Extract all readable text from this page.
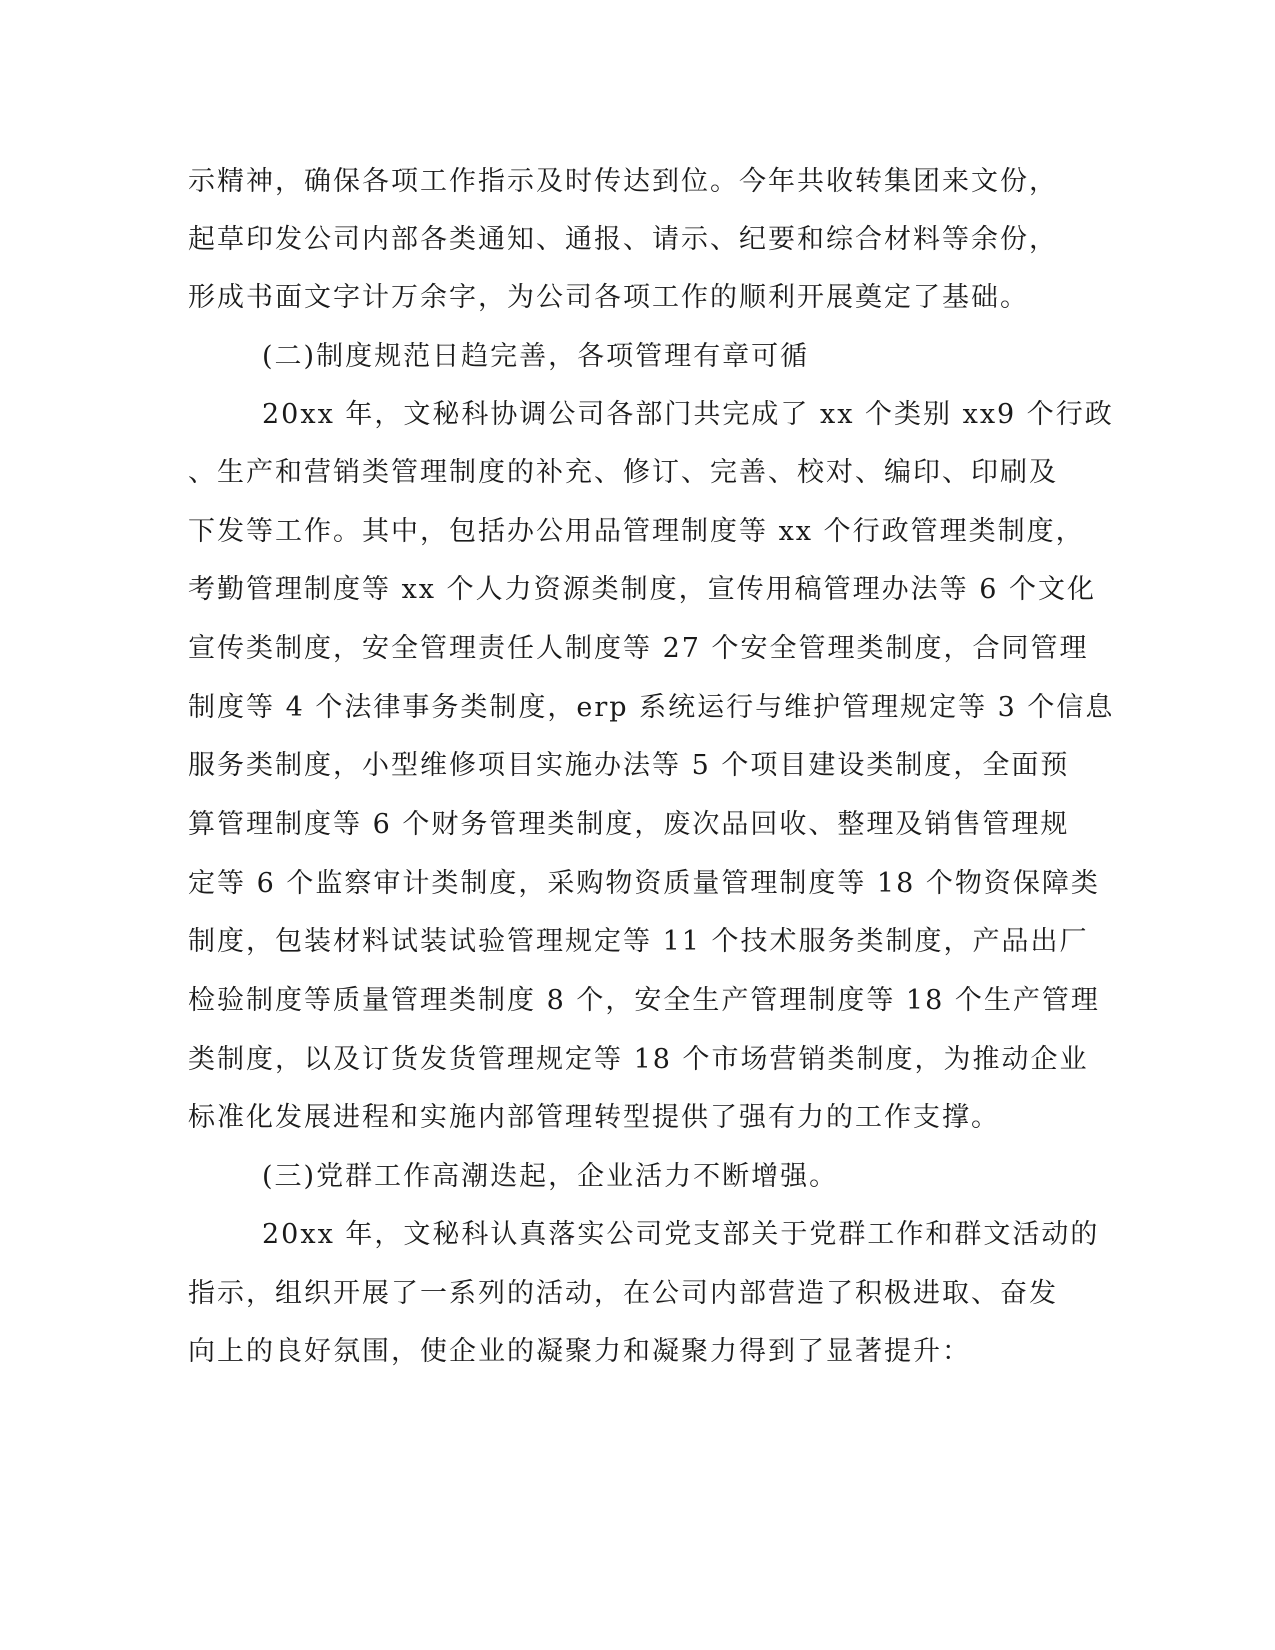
示精神，确保各项工作指示及时传达到位。今年共收转集团来文份，
起草印发公司内部各类通知、通报、请示、纪要和综合材料等余份，
形成书面文字计万余字，为公司各项工作的顺利开展奠定了基础。
(二)制度规范日趋完善，各项管理有章可循
20xx 年，文秘科协调公司各部门共完成了 xx 个类别 xx9 个行政
、生产和营销类管理制度的补充、修订、完善、校对、编印、印刷及
下发等工作。其中，包括办公用品管理制度等 xx 个行政管理类制度，
考勤管理制度等 xx 个人力资源类制度，宣传用稿管理办法等 6 个文化
宣传类制度，安全管理责任人制度等 27 个安全管理类制度，合同管理
制度等 4 个法律事务类制度，erp 系统运行与维护管理规定等 3 个信息
服务类制度，小型维修项目实施办法等 5 个项目建设类制度，全面预
算管理制度等 6 个财务管理类制度，废次品回收、整理及销售管理规
定等 6 个监察审计类制度，采购物资质量管理制度等 18 个物资保障类
制度，包装材料试装试验管理规定等 11 个技术服务类制度，产品出厂
检验制度等质量管理类制度 8 个，安全生产管理制度等 18 个生产管理
类制度，以及订货发货管理规定等 18 个市场营销类制度，为推动企业
标准化发展进程和实施内部管理转型提供了强有力的工作支撑。
(三)党群工作高潮迭起，企业活力不断增强。
20xx 年，文秘科认真落实公司党支部关于党群工作和群文活动的
指示，组织开展了一系列的活动，在公司内部营造了积极进取、奋发
向上的良好氛围，使企业的凝聚力和凝聚力得到了显著提升：
